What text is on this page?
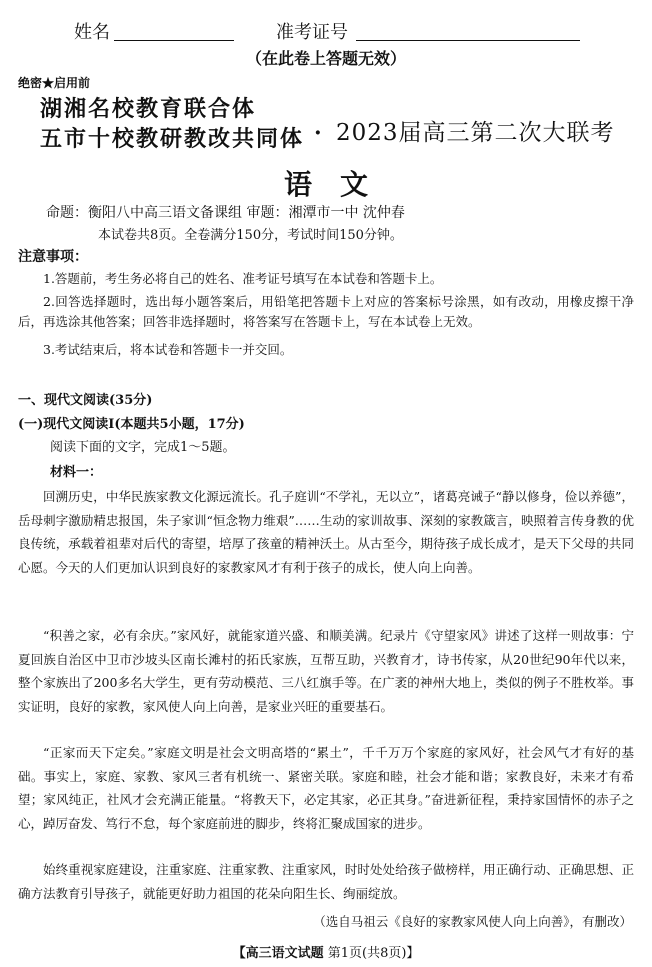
姓名	准考证号
（在此卷上答题无效）
绝密★启用前
湖湘名校教育联合体
五市十校教研教改共同体 · 2023届高三第二次大联考
语文
命题：衡阳八中高三语文备课组 审题：湘潭市一中 沈仲春
本试卷共8页。全卷满分150分，考试时间150分钟。
注意事项：
1.答题前，考生务必将自己的姓名、准考证号填写在本试卷和答题卡上。
2.回答选择题时，选出每小题答案后，用铅笔把答题卡上对应的答案标号涂黑，如有改动，用橡皮擦干净后，再选涂其他答案；回答非选择题时，将答案写在答题卡上，写在本试卷上无效。
3.考试结束后，将本试卷和答题卡一并交回。
一、现代文阅读(35分)
(一)现代文阅读Ⅰ(本题共5小题，17分)
阅读下面的文字，完成1～5题。
材料一：
回溯历史，中华民族家教文化源远流长。孔子庭训“不学礼，无以立”，诸葛亮诫子“静以修身，俭以养德”，岳母刺字激励精忠报国，朱子家训“恒念物力维艰”……生动的家训故事、深刻的家教箴言，映照着言传身教的优良传统，承载着祖辈对后代的寄望，培厚了孩童的精神沃土。从古至今，期待孩子成长成才，是天下父母的共同心愿。今天的人们更加认识到良好的家教家风才有利于孩子的成长，使人向上向善。
“积善之家，必有余庆。”家风好，就能家道兴盛、和顺美满。纪录片《守望家风》讲述了这样一则故事：宁夏回族自治区中卫市沙坡头区南长滩村的拓氏家族，互帮互助，兴教育才，诗书传家，从20世纪90年代以来，整个家族出了200多名大学生，更有劳动模范、三八红旗手等。在广袤的神州大地上，类似的例子不胜枚举。事实证明，良好的家教，家风使人向上向善，是家业兴旺的重要基石。
“正家而天下定矣。”家庭文明是社会文明高塔的“累土”，千千万万个家庭的家风好，社会风气才有好的基础。事实上，家庭、家教、家风三者有机统一、紧密关联。家庭和睦，社会才能和谐；家教良好，未来才有希望；家风纯正，社风才会充满正能量。“将教天下，必定其家，必正其身。”奋进新征程，秉持家国情怀的赤子之心，踔厉奋发、笃行不怠，每个家庭前进的脚步，终将汇聚成国家的进步。
始终重视家庭建设，注重家庭、注重家教、注重家风，时时处处给孩子做榜样，用正确行动、正确思想、正确方法教育引导孩子，就能更好助力祖国的花朵向阳生长、绚丽绽放。
（选自马祖云《良好的家教家风使人向上向善》，有删改）
【高三语文试题 第1页(共8页)】
